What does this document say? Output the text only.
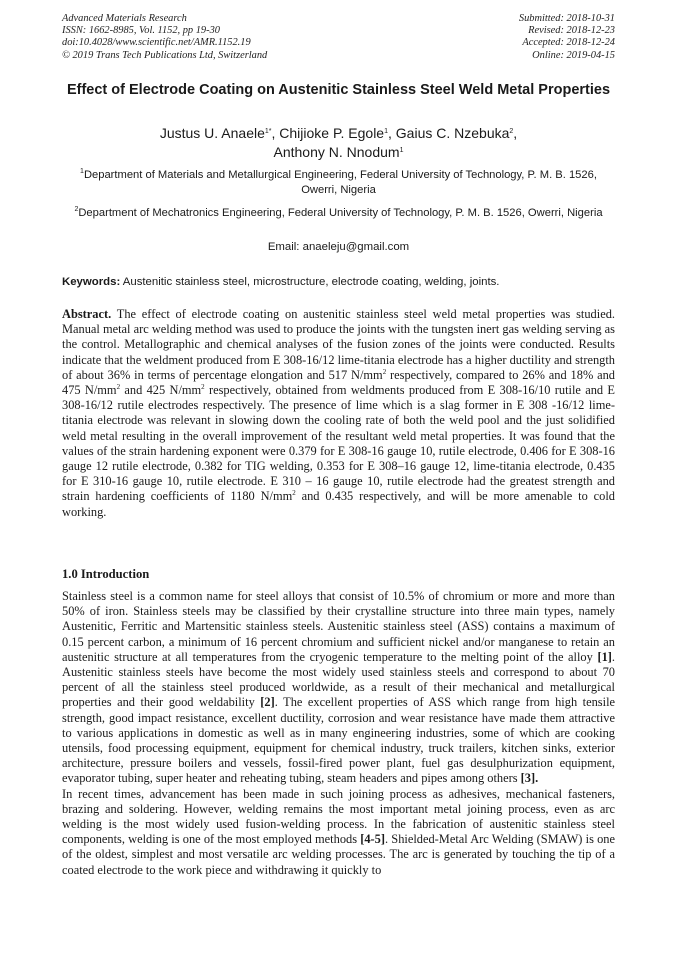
Advanced Materials Research
ISSN: 1662-8985, Vol. 1152, pp 19-30
doi:10.4028/www.scientific.net/AMR.1152.19
© 2019 Trans Tech Publications Ltd, Switzerland
Submitted: 2018-10-31
Revised: 2018-12-23
Accepted: 2018-12-24
Online: 2019-04-15
Effect of Electrode Coating on Austenitic Stainless Steel Weld Metal Properties
Justus U. Anaele$^{1*}$, Chijioke P. Egole$^1$, Gaius C. Nzebuka$^2$,
Anthony N. Nnodum$^1$
$^1$Department of Materials and Metallurgical Engineering, Federal University of Technology, P. M. B. 1526, Owerri, Nigeria
$^2$Department of Mechatronics Engineering, Federal University of Technology, P. M. B. 1526, Owerri, Nigeria
Email: anaeleju@gmail.com
Keywords: Austenitic stainless steel, microstructure, electrode coating, welding, joints.
Abstract. The effect of electrode coating on austenitic stainless steel weld metal properties was studied. Manual metal arc welding method was used to produce the joints with the tungsten inert gas welding serving as the control. Metallographic and chemical analyses of the fusion zones of the joints were conducted. Results indicate that the weldment produced from E 308-16/12 lime-titania electrode has a higher ductility and strength of about 36% in terms of percentage elongation and 517 $N/mm^2$ respectively, compared to 26% and 18% and 475 $N/mm^2$ and 425 $N/mm^2$ respectively, obtained from weldments produced from E 308-16/10 rutile and E 308-16/12 rutile electrodes respectively. The presence of lime which is a slag former in E 308 -16/12 lime-titania electrode was relevant in slowing down the cooling rate of both the weld pool and the just solidified weld metal resulting in the overall improvement of the resultant weld metal properties. It was found that the values of the strain hardening exponent were 0.379 for E 308-16 gauge 10, rutile electrode, 0.406 for E 308-16 gauge 12 rutile electrode, 0.382 for TIG welding, 0.353 for E 308–16 gauge 12, lime-titania electrode, 0.435 for E 310-16 gauge 10, rutile electrode. E 310 – 16 gauge 10, rutile electrode had the greatest strength and strain hardening coefficients of 1180 $N/mm^2$ and 0.435 respectively, and will be more amenable to cold working.
1.0 Introduction

Stainless steel is a common name for steel alloys that consist of 10.5% of chromium or more and more than 50% of iron. Stainless steels may be classified by their crystalline structure into three main types, namely Austenitic, Ferritic and Martensitic stainless steels. Austenitic stainless steel (ASS) contains a maximum of 0.15 percent carbon, a minimum of 16 percent chromium and sufficient nickel and/or manganese to retain an austenitic structure at all temperatures from the cryogenic temperature to the melting point of the alloy [1]. Austenitic stainless steels have become the most widely used stainless steels and correspond to about 70 percent of all the stainless steel produced worldwide, as a result of their mechanical and metallurgical properties and their good weldability [2]. The excellent properties of ASS which range from high tensile strength, good impact resistance, excellent ductility, corrosion and wear resistance have made them attractive to various applications in domestic as well as in many engineering industries, some of which are cooking utensils, food processing equipment, equipment for chemical industry, truck trailers, kitchen sinks, exterior architecture, pressure boilers and vessels, fossil-fired power plant, fuel gas desulphurization equipment, evaporator tubing, super heater and reheating tubing, steam headers and pipes among others [3].

In recent times, advancement has been made in such joining process as adhesives, mechanical fasteners, brazing and soldering. However, welding remains the most important metal joining process, even as arc welding is the most widely used fusion-welding process. In the fabrication of austenitic stainless steel components, welding is one of the most employed methods [4-5]. Shielded-Metal Arc Welding (SMAW) is one of the oldest, simplest and most versatile arc welding processes. The arc is generated by touching the tip of a coated electrode to the work piece and withdrawing it quickly to
